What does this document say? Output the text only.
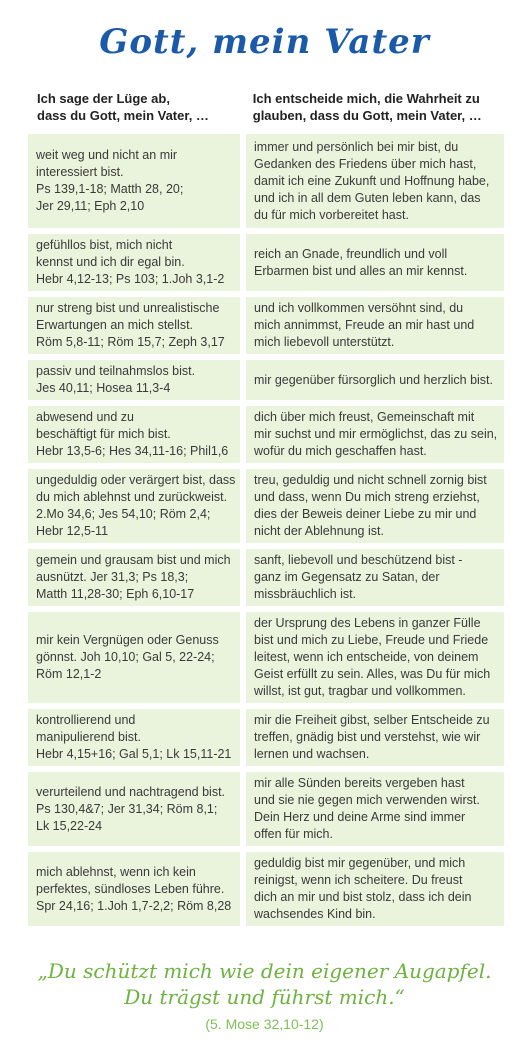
Gott, mein Vater
Ich sage der Lüge ab,
dass du Gott, mein Vater, …
Ich entscheide mich, die Wahrheit zu
glauben, dass du Gott, mein Vater, …
weit weg und nicht an mir
interessiert bist.
Ps 139,1-18; Matth 28, 20;
Jer 29,11; Eph 2,10
immer und persönlich bei mir bist, du
Gedanken des Friedens über mich hast,
damit ich eine Zukunft und Hoffnung habe,
und ich in all dem Guten leben kann, das
du für mich vorbereitet hast.
gefühllos bist, mich nicht
kennst und ich dir egal bin.
Hebr 4,12-13; Ps 103; 1.Joh 3,1-2
reich an Gnade, freundlich und voll
Erbarmen bist und alles an mir kennst.
nur streng bist und unrealistische
Erwartungen an mich stellst.
Röm 5,8-11; Röm 15,7; Zeph 3,17
und ich vollkommen versöhnt sind, du
mich annimmst, Freude an mir hast und
mich liebevoll unterstützt.
passiv und teilnahmslos bist.
Jes 40,11; Hosea 11,3-4
mir gegenüber fürsorglich und herzlich bist.
abwesend und zu
beschäftigt für mich bist.
Hebr 13,5-6; Hes 34,11-16; Phil1,6
dich über mich freust, Gemeinschaft mit
mir suchst und mir ermöglichst, das zu sein,
wofür du mich geschaffen hast.
ungeduldig oder verärgert bist, dass
du mich ablehnst und zurückweist.
2.Mo 34,6; Jes 54,10; Röm 2,4;
Hebr 12,5-11
treu, geduldig und nicht schnell zornig bist
und dass, wenn Du mich streng erziehst,
dies der Beweis deiner Liebe zu mir und
nicht der Ablehnung ist.
gemein und grausam bist und mich
ausnützt. Jer 31,3; Ps 18,3;
Matth 11,28-30; Eph 6,10-17
sanft, liebevoll und beschützend bist -
ganz im Gegensatz zu Satan, der
missbräuchlich ist.
mir kein Vergnügen oder Genuss
gönnst. Joh 10,10; Gal 5, 22-24;
Röm 12,1-2
der Ursprung des Lebens in ganzer Fülle
bist und mich zu Liebe, Freude und Friede
leitest, wenn ich entscheide, von deinem
Geist erfüllt zu sein. Alles, was Du für mich
willst, ist gut, tragbar und vollkommen.
kontrollierend und
manipulierend bist.
Hebr 4,15+16; Gal 5,1; Lk 15,11-21
mir die Freiheit gibst, selber Entscheide zu
treffen, gnädig bist und verstehst, wie wir
lernen und wachsen.
verurteilend und nachtragend bist.
Ps 130,4&7; Jer 31,34; Röm 8,1;
Lk 15,22-24
mir alle Sünden bereits vergeben hast
und sie nie gegen mich verwenden wirst.
Dein Herz und deine Arme sind immer
offen für mich.
mich ablehnst, wenn ich kein
perfektes, sündloses Leben führe.
Spr 24,16; 1.Joh 1,7-2,2; Röm 8,28
geduldig bist mir gegenüber, und mich
reinigst, wenn ich scheitere. Du freust
dich an mir und bist stolz, dass ich dein
wachsendes Kind bin.
„Du schützt mich wie dein eigener Augapfel.
Du trägst und führst mich.“
(5. Mose 32,10-12)
